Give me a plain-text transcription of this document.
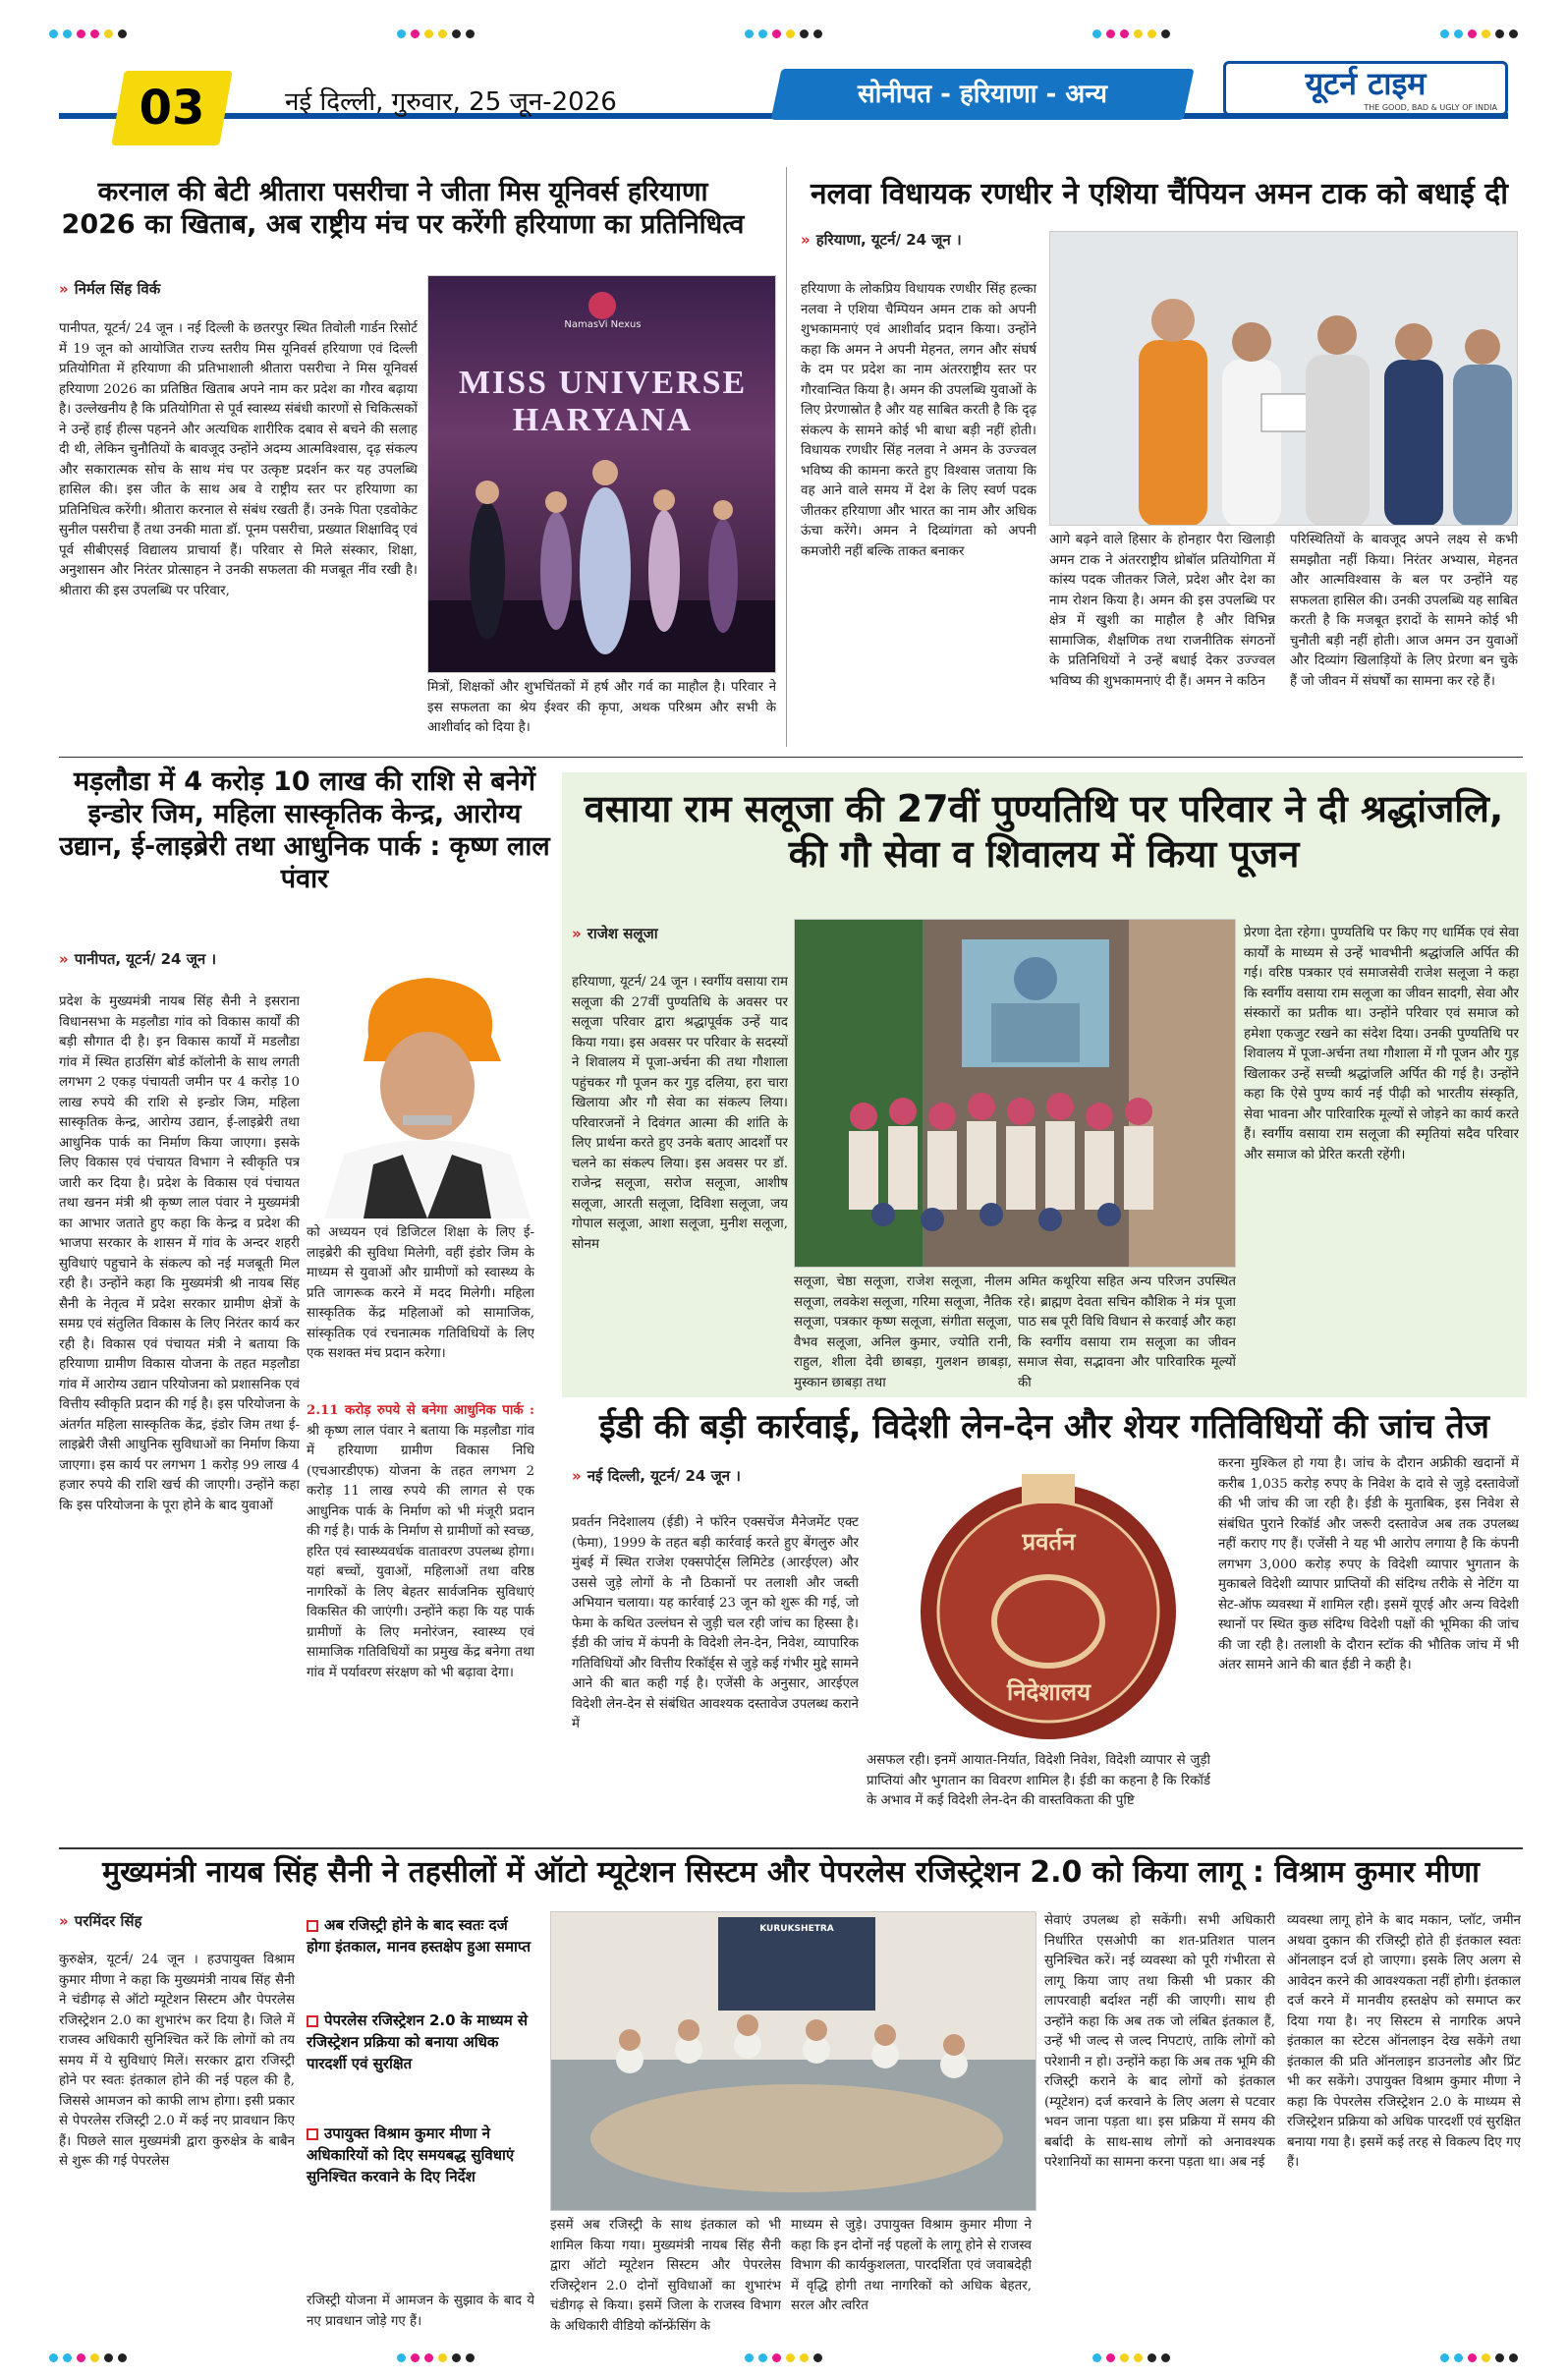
03	नई दिल्ली, गुरुवार, 25 जून-2026	सोनीपत - हरियाणा - अन्य	यूटर्न टाइम
THE GOOD, BAD & UGLY OF INDIA
करनाल की बेटी श्रीतारा पसरीचा ने जीता मिस यूनिवर्स हरियाणा 2026 का खिताब, अब राष्ट्रीय मंच पर करेंगी हरियाणा का प्रतिनिधित्व
» निर्मल सिंह विर्क
पानीपत, यूटर्न/ 24 जून । नई दिल्ली के छतरपुर स्थित तिवोली गार्डन रिसोर्ट में 19 जून को आयोजित राज्य स्तरीय मिस यूनिवर्स हरियाणा एवं दिल्ली प्रतियोगिता में हरियाणा की प्रतिभाशाली श्रीतारा पसरीचा ने मिस यूनिवर्स हरियाणा 2026 का प्रतिष्ठित खिताब अपने नाम कर प्रदेश का गौरव बढ़ाया है। उल्लेखनीय है कि प्रतियोगिता से पूर्व स्वास्थ्य संबंधी कारणों से चिकित्सकों ने उन्हें हाई हील्स पहनने और अत्यधिक शारीरिक दबाव से बचने की सलाह दी थी, लेकिन चुनौतियों के बावजूद उन्होंने अदम्य आत्मविश्वास, दृढ़ संकल्प और सकारात्मक सोच के साथ मंच पर उत्कृष्ट प्रदर्शन कर यह उपलब्धि हासिल की। इस जीत के साथ अब वे राष्ट्रीय स्तर पर हरियाणा का प्रतिनिधित्व करेंगी। श्रीतारा करनाल से संबंध रखती हैं। उनके पिता एडवोकेट सुनील पसरीचा हैं तथा उनकी माता डॉ. पूनम पसरीचा, प्रख्यात शिक्षाविद् एवं पूर्व सीबीएसई विद्यालय प्राचार्या हैं। परिवार से मिले संस्कार, शिक्षा, अनुशासन और निरंतर प्रोत्साहन ने उनकी सफलता की मजबूत नींव रखी है। श्रीतारा की इस उपलब्धि पर परिवार,
NamasVi Nexus
MISS UNIVERSE HARYANA
मित्रों, शिक्षकों और शुभचिंतकों में हर्ष और गर्व का माहौल है। परिवार ने इस सफलता का श्रेय ईश्वर की कृपा, अथक परिश्रम और सभी के आशीर्वाद को दिया है।
नलवा विधायक रणधीर ने एशिया चैंपियन अमन टाक को बधाई दी
» हरियाणा, यूटर्न/ 24 जून ।
हरियाणा के लोकप्रिय विधायक रणधीर सिंह हल्का नलवा ने एशिया चैम्पियन अमन टाक को अपनी शुभकामनाएं एवं आशीर्वाद प्रदान किया। उन्होंने कहा कि अमन ने अपनी मेहनत, लगन और संघर्ष के दम पर प्रदेश का नाम अंतरराष्ट्रीय स्तर पर गौरवान्वित किया है। अमन की उपलब्धि युवाओं के लिए प्रेरणास्रोत है और यह साबित करती है कि दृढ़ संकल्प के सामने कोई भी बाधा बड़ी नहीं होती। विधायक रणधीर सिंह नलवा ने अमन के उज्ज्वल भविष्य की कामना करते हुए विश्वास जताया कि वह आने वाले समय में देश के लिए स्वर्ण पदक जीतकर हरियाणा और भारत का नाम और अधिक ऊंचा करेंगे। अमन ने दिव्यांगता को अपनी कमजोरी नहीं बल्कि ताकत बनाकर
आगे बढ़ने वाले हिसार के होनहार पैरा खिलाड़ी अमन टाक ने अंतरराष्ट्रीय थ्रोबॉल प्रतियोगिता में कांस्य पदक जीतकर जिले, प्रदेश और देश का नाम रोशन किया है। अमन की इस उपलब्धि पर क्षेत्र में खुशी का माहौल है और विभिन्न सामाजिक, शैक्षणिक तथा राजनीतिक संगठनों के प्रतिनिधियों ने उन्हें बधाई देकर उज्ज्वल भविष्य की शुभकामनाएं दी हैं। अमन ने कठिन
परिस्थितियों के बावजूद अपने लक्ष्य से कभी समझौता नहीं किया। निरंतर अभ्यास, मेहनत और आत्मविश्वास के बल पर उन्होंने यह सफलता हासिल की। उनकी उपलब्धि यह साबित करती है कि मजबूत इरादों के सामने कोई भी चुनौती बड़ी नहीं होती। आज अमन उन युवाओं और दिव्यांग खिलाड़ियों के लिए प्रेरणा बन चुके हैं जो जीवन में संघर्षों का सामना कर रहे हैं।
मड़लौडा में 4 करोड़ 10 लाख की राशि से बनेगें इन्डोर जिम, महिला सास्कृतिक केन्द्र, आरोग्य उद्यान, ई-लाइब्रेरी तथा आधुनिक पार्क : कृष्ण लाल पंवार
» पानीपत, यूटर्न/ 24 जून ।
प्रदेश के मुख्यमंत्री नायब सिंह सैनी ने इसराना विधानसभा के मड़लौडा गांव को विकास कार्यों की बड़ी सौगात दी है। इन विकास कार्यों में मडलौडा गांव में स्थित हाउसिंग बोर्ड कॉलोनी के साथ लगती लगभग 2 एकड़ पंचायती जमीन पर 4 करोड़ 10 लाख रुपये की राशि से इन्डोर जिम, महिला सास्कृतिक केन्द्र, आरोग्य उद्यान, ई-लाइब्रेरी तथा आधुनिक पार्क का निर्माण किया जाएगा। इसके लिए विकास एवं पंचायत विभाग ने स्वीकृति पत्र जारी कर दिया है। प्रदेश के विकास एवं पंचायत तथा खनन मंत्री श्री कृष्ण लाल पंवार ने मुख्यमंत्री का आभार जताते हुए कहा कि केन्द्र व प्रदेश की भाजपा सरकार के शासन में गांव के अन्दर शहरी सुविधाएं पहुचाने के संकल्प को नई मजबूती मिल रही है। उन्होंने कहा कि मुख्यमंत्री श्री नायब सिंह सैनी के नेतृत्व में प्रदेश सरकार ग्रामीण क्षेत्रों के समग्र एवं संतुलित विकास के लिए निरंतर कार्य कर रही है। विकास एवं पंचायत मंत्री ने बताया कि हरियाणा ग्रामीण विकास योजना के तहत मड़लौडा गांव में आरोग्य उद्यान परियोजना को प्रशासनिक एवं वित्तीय स्वीकृति प्रदान की गई है। इस परियोजना के अंतर्गत महिला सास्कृतिक केंद्र, इंडोर जिम तथा ई-लाइब्रेरी जैसी आधुनिक सुविधाओं का निर्माण किया जाएगा। इस कार्य पर लगभग 1 करोड़ 99 लाख 4 हजार रुपये की राशि खर्च की जाएगी। उन्होंने कहा कि इस परियोजना के पूरा होने के बाद युवाओं
को अध्ययन एवं डिजिटल शिक्षा के लिए ई-लाइब्रेरी की सुविधा मिलेगी, वहीं इंडोर जिम के माध्यम से युवाओं और ग्रामीणों को स्वास्थ्य के प्रति जागरूक करने में मदद मिलेगी। महिला सास्कृतिक केंद्र महिलाओं को सामाजिक, सांस्कृतिक एवं रचनात्मक गतिविधियों के लिए एक सशक्त मंच प्रदान करेगा।
2.11 करोड़ रुपये से बनेगा आधुनिक पार्क : श्री कृष्ण लाल पंवार ने बताया कि मड़लौडा गांव में हरियाणा ग्रामीण विकास निधि (एचआरडीएफ) योजना के तहत लगभग 2 करोड़ 11 लाख रुपये की लागत से एक आधुनिक पार्क के निर्माण को भी मंजूरी प्रदान की गई है। पार्क के निर्माण से ग्रामीणों को स्वच्छ, हरित एवं स्वास्थ्यवर्धक वातावरण उपलब्ध होगा। यहां बच्चों, युवाओं, महिलाओं तथा वरिष्ठ नागरिकों के लिए बेहतर सार्वजनिक सुविधाएं विकसित की जाएंगी। उन्होंने कहा कि यह पार्क ग्रामीणों के लिए मनोरंजन, स्वास्थ्य एवं सामाजिक गतिविधियों का प्रमुख केंद्र बनेगा तथा गांव में पर्यावरण संरक्षण को भी बढ़ावा देगा।
वसाया राम सलूजा की 27वीं पुण्यतिथि पर परिवार ने दी श्रद्धांजलि, की गौ सेवा व शिवालय में किया पूजन
» राजेश सलूजा
हरियाणा, यूटर्न/ 24 जून । स्वर्गीय वसाया राम सलूजा की 27वीं पुण्यतिथि के अवसर पर सलूजा परिवार द्वारा श्रद्धापूर्वक उन्हें याद किया गया। इस अवसर पर परिवार के सदस्यों ने शिवालय में पूजा-अर्चना की तथा गौशाला पहुंचकर गौ पूजन कर गुड़ दलिया, हरा चारा खिलाया और गौ सेवा का संकल्प लिया। परिवारजनों ने दिवंगत आत्मा की शांति के लिए प्रार्थना करते हुए उनके बताए आदर्शों पर चलने का संकल्प लिया। इस अवसर पर डॉ. राजेन्द्र सलूजा, सरोज सलूजा, आशीष सलूजा, आरती सलूजा, दिविशा सलूजा, जय गोपाल सलूजा, आशा सलूजा, मुनीश सलूजा, सोनम
सलूजा, चेष्ठा सलूजा, राजेश सलूजा, नीलम सलूजा, लवकेश सलूजा, गरिमा सलूजा, नैतिक सलूजा, पत्रकार कृष्ण सलूजा, संगीता सलूजा, वैभव सलूजा, अनिल कुमार, ज्योति रानी, राहुल, शीला देवी छाबड़ा, गुलशन छाबड़ा, मुस्कान छाबड़ा तथा
अमित कथूरिया सहित अन्य परिजन उपस्थित रहे। ब्राह्मण देवता सचिन कौशिक ने मंत्र पूजा पाठ सब पूरी विधि विधान से करवाई और कहा कि स्वर्गीय वसाया राम सलूजा का जीवन समाज सेवा, सद्भावना और पारिवारिक मूल्यों की
प्रेरणा देता रहेगा। पुण्यतिथि पर किए गए धार्मिक एवं सेवा कार्यों के माध्यम से उन्हें भावभीनी श्रद्धांजलि अर्पित की गई। वरिष्ठ पत्रकार एवं समाजसेवी राजेश सलूजा ने कहा कि स्वर्गीय वसाया राम सलूजा का जीवन सादगी, सेवा और संस्कारों का प्रतीक था। उन्होंने परिवार एवं समाज को हमेशा एकजुट रखने का संदेश दिया। उनकी पुण्यतिथि पर शिवालय में पूजा-अर्चना तथा गौशाला में गौ पूजन और गुड़ खिलाकर उन्हें सच्ची श्रद्धांजलि अर्पित की गई है। उन्होंने कहा कि ऐसे पुण्य कार्य नई पीढ़ी को भारतीय संस्कृति, सेवा भावना और पारिवारिक मूल्यों से जोड़ने का कार्य करते हैं। स्वर्गीय वसाया राम सलूजा की स्मृतियां सदैव परिवार और समाज को प्रेरित करती रहेंगी।
ईडी की बड़ी कार्रवाई, विदेशी लेन-देन और शेयर गतिविधियों की जांच तेज
» नई दिल्ली, यूटर्न/ 24 जून ।
प्रवर्तन निदेशालय (ईडी) ने फॉरेन एक्सचेंज मैनेजमेंट एक्ट (फेमा), 1999 के तहत बड़ी कार्रवाई करते हुए बेंगलुरु और मुंबई में स्थित राजेश एक्सपोर्ट्स लिमिटेड (आरईएल) और उससे जुड़े लोगों के नौ ठिकानों पर तलाशी और जब्ती अभियान चलाया। यह कार्रवाई 23 जून को शुरू की गई, जो फेमा के कथित उल्लंघन से जुड़ी चल रही जांच का हिस्सा है। ईडी की जांच में कंपनी के विदेशी लेन-देन, निवेश, व्यापारिक गतिविधियों और वित्तीय रिकॉर्ड्स से जुड़े कई गंभीर मुद्दे सामने आने की बात कही गई है। एजेंसी के अनुसार, आरईएल विदेशी लेन-देन से संबंधित आवश्यक दस्तावेज उपलब्ध कराने में
प्रवर्तन
निदेशालय
असफल रही। इनमें आयात-निर्यात, विदेशी निवेश, विदेशी व्यापार से जुड़ी प्राप्तियां और भुगतान का विवरण शामिल है। ईडी का कहना है कि रिकॉर्ड के अभाव में कई विदेशी लेन-देन की वास्तविकता की पुष्टि
करना मुश्किल हो गया है। जांच के दौरान अफ्रीकी खदानों में करीब 1,035 करोड़ रुपए के निवेश के दावे से जुड़े दस्तावेजों की भी जांच की जा रही है। ईडी के मुताबिक, इस निवेश से संबंधित पुराने रिकॉर्ड और जरूरी दस्तावेज अब तक उपलब्ध नहीं कराए गए हैं। एजेंसी ने यह भी आरोप लगाया है कि कंपनी लगभग 3,000 करोड़ रुपए के विदेशी व्यापार भुगतान के मुकाबले विदेशी व्यापार प्राप्तियों की संदिग्ध तरीके से नेटिंग या सेट-ऑफ व्यवस्था में शामिल रही। इसमें यूएई और अन्य विदेशी स्थानों पर स्थित कुछ संदिग्ध विदेशी पक्षों की भूमिका की जांच की जा रही है। तलाशी के दौरान स्टॉक की भौतिक जांच में भी अंतर सामने आने की बात ईडी ने कही है।
मुख्यमंत्री नायब सिंह सैनी ने तहसीलों में ऑटो म्यूटेशन सिस्टम और पेपरलेस रजिस्ट्रेशन 2.0 को किया लागू : विश्राम कुमार मीणा
» परमिंदर सिंह
कुरुक्षेत्र, यूटर्न/ 24 जून । हउपायुक्त विश्राम कुमार मीणा ने कहा कि मुख्यमंत्री नायब सिंह सैनी ने चंडीगढ़ से ऑटो म्यूटेशन सिस्टम और पेपरलेस रजिस्ट्रेशन 2.0 का शुभारंभ कर दिया है। जिले में राजस्व अधिकारी सुनिश्चित करें कि लोगों को तय समय में ये सुविधाएं मिलें। सरकार द्वारा रजिस्ट्री होने पर स्वतः इंतकाल होने की नई पहल की है, जिससे आमजन को काफी लाभ होगा। इसी प्रकार से पेपरलेस रजिस्ट्री 2.0 में कई नए प्रावधान किए हैं। पिछले साल मुख्यमंत्री द्वारा कुरुक्षेत्र के बाबैन से शुरू की गई पेपरलेस
अब रजिस्ट्री होने के बाद स्वतः दर्ज होगा इंतकाल, मानव हस्तक्षेप हुआ समाप्त
पेपरलेस रजिस्ट्रेशन 2.0 के माध्यम से रजिस्ट्रेशन प्रक्रिया को बनाया अधिक पारदर्शी एवं सुरक्षित
उपायुक्त विश्राम कुमार मीणा ने अधिकारियों को दिए समयबद्ध सुविधाएं सुनिश्चित करवाने के दिए निर्देश
रजिस्ट्री योजना में आमजन के सुझाव के बाद ये नए प्रावधान जोड़े गए हैं।
KURUKSHETRA
इसमें अब रजिस्ट्री के साथ इंतकाल को भी शामिल किया गया। मुख्यमंत्री नायब सिंह सैनी द्वारा ऑटो म्यूटेशन सिस्टम और पेपरलेस रजिस्ट्रेशन 2.0 दोनों सुविधाओं का शुभारंभ चंडीगढ़ से किया। इसमें जिला के राजस्व विभाग के अधिकारी वीडियो कॉन्फ्रेंसिंग के
माध्यम से जुड़े। उपायुक्त विश्राम कुमार मीणा ने कहा कि इन दोनों नई पहलों के लागू होने से राजस्व विभाग की कार्यकुशलता, पारदर्शिता एवं जवाबदेही में वृद्धि होगी तथा नागरिकों को अधिक बेहतर, सरल और त्वरित
सेवाएं उपलब्ध हो सकेंगी। सभी अधिकारी निर्धारित एसओपी का शत-प्रतिशत पालन सुनिश्चित करें। नई व्यवस्था को पूरी गंभीरता से लागू किया जाए तथा किसी भी प्रकार की लापरवाही बर्दाश्त नहीं की जाएगी। साथ ही उन्होंने कहा कि अब तक जो लंबित इंतकाल हैं, उन्हें भी जल्द से जल्द निपटाएं, ताकि लोगों को परेशानी न हो। उन्होंने कहा कि अब तक भूमि की रजिस्ट्री कराने के बाद लोगों को इंतकाल (म्यूटेशन) दर्ज करवाने के लिए अलग से पटवार भवन जाना पड़ता था। इस प्रक्रिया में समय की बर्बादी के साथ-साथ लोगों को अनावश्यक परेशानियों का सामना करना पड़ता था। अब नई
व्यवस्था लागू होने के बाद मकान, प्लॉट, जमीन अथवा दुकान की रजिस्ट्री होते ही इंतकाल स्वतः ऑनलाइन दर्ज हो जाएगा। इसके लिए अलग से आवेदन करने की आवश्यकता नहीं होगी। इंतकाल दर्ज करने में मानवीय हस्तक्षेप को समाप्त कर दिया गया है। नए सिस्टम से नागरिक अपने इंतकाल का स्टेटस ऑनलाइन देख सकेंगे तथा इंतकाल की प्रति ऑनलाइन डाउनलोड और प्रिंट भी कर सकेंगे। उपायुक्त विश्राम कुमार मीणा ने कहा कि पेपरलेस रजिस्ट्रेशन 2.0 के माध्यम से रजिस्ट्रेशन प्रक्रिया को अधिक पारदर्शी एवं सुरक्षित बनाया गया है। इसमें कई तरह से विकल्प दिए गए हैं।
